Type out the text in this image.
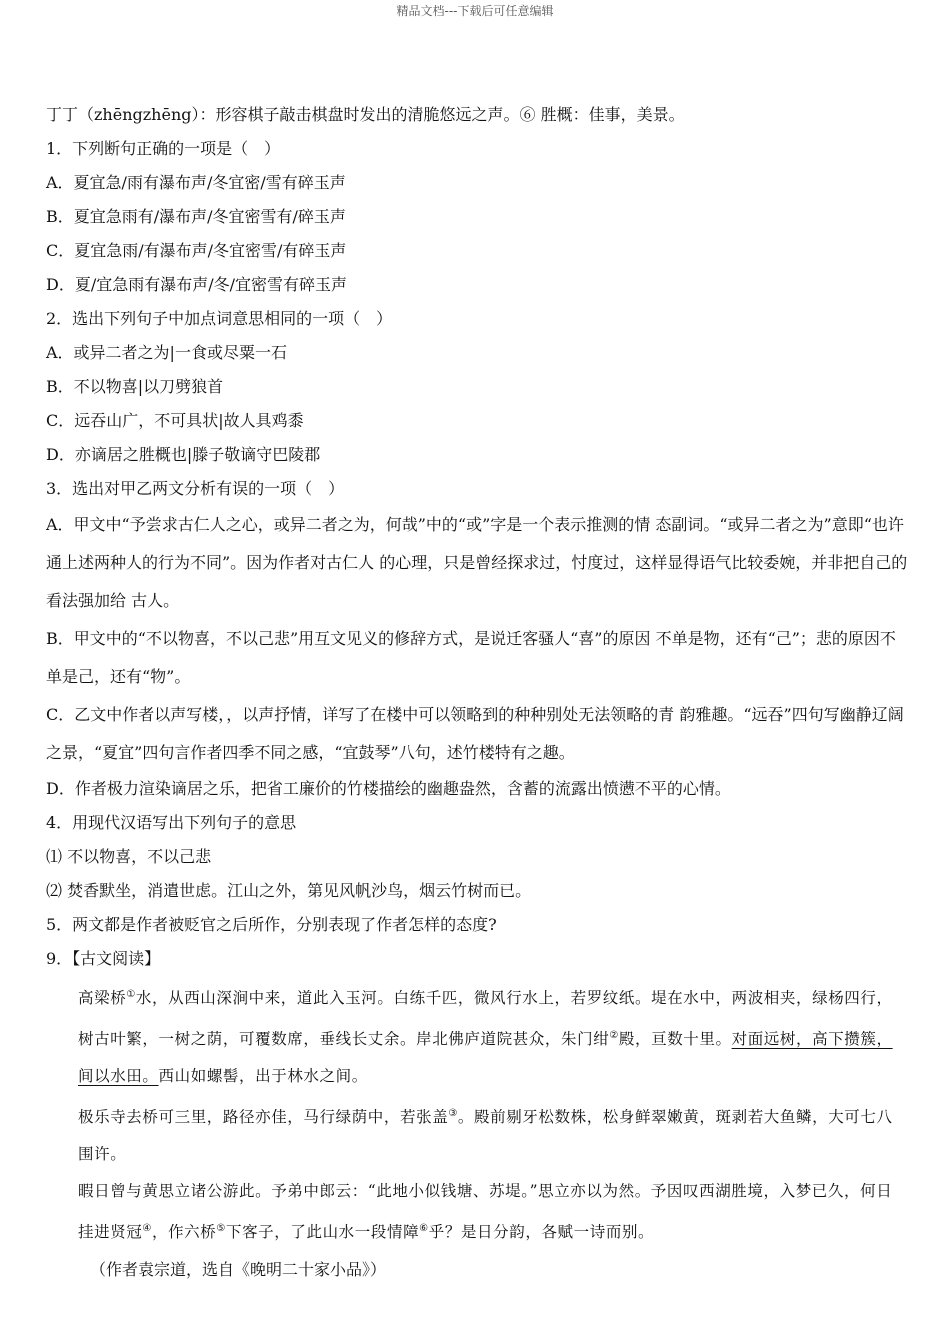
精品文档---下载后可任意编辑
丁丁（zhēngzhēng）：形容棋子敲击棋盘时发出的清脆悠远之声。⑥ 胜概：佳事，美景。
1．下列断句正确的一项是（　）
A．夏宜急/雨有瀑布声/冬宜密/雪有碎玉声
B．夏宜急雨有/瀑布声/冬宜密雪有/碎玉声
C．夏宜急雨/有瀑布声/冬宜密雪/有碎玉声
D．夏/宜急雨有瀑布声/冬/宜密雪有碎玉声
2．选出下列句子中加点词意思相同的一项（　）
A．或异二者之为|一食或尽粟一石
B．不以物喜|以刀劈狼首
C．远吞山广，不可具状|故人具鸡黍
D．亦谪居之胜概也|滕子敬谪守巴陵郡
3．选出对甲乙两文分析有误的一项（　）
A．甲文中“予尝求古仁人之心，或异二者之为，何哉”中的“或”字是一个表示推测的情 态副词。“或异二者之为”意即“也许通上述两种人的行为不同”。因为作者对古仁人 的心理，只是曾经探求过，忖度过，这样显得语气比较委婉，并非把自己的看法强加给 古人。
B．甲文中的“不以物喜，不以己悲”用互文见义的修辞方式，是说迁客骚人“喜”的原因 不单是物，还有“己”；悲的原因不单是己，还有“物”。
C．乙文中作者以声写楼，，以声抒情，详写了在楼中可以领略到的种种别处无法领略的青 韵雅趣。“远吞”四句写幽静辽阔之景，“夏宜”四句言作者四季不同之感，“宜鼓琴”八句，述竹楼特有之趣。
D．作者极力渲染谪居之乐，把省工廉价的竹楼描绘的幽趣盎然，含蓄的流露出愤懑不平的心情。
4．用现代汉语写出下列句子的意思
⑴ 不以物喜，不以己悲
⑵ 焚香默坐，消遣世虑。江山之外，第见风帆沙鸟，烟云竹树而已。
5．两文都是作者被贬官之后所作，分别表现了作者怎样的态度?
9．【古文阅读】
高梁桥①水，从西山深涧中来，道此入玉河。白练千匹，微风行水上，若罗纹纸。堤在水中，两波相夹，绿杨四行，树古叶繁，一树之荫，可覆数席，垂线长丈余。岸北佛庐道院甚众，朱门绀②殿，亘数十里。对面远树，高下攒簇，间以水田。西山如螺髻，出于林水之间。
极乐寺去桥可三里，路径亦佳，马行绿荫中，若张盖③。殿前剔牙松数株，松身鲜翠嫩黄，斑剥若大鱼鳞，大可七八围许。
暇日曾与黄思立诸公游此。予弟中郎云：“此地小似钱塘、苏堤。”思立亦以为然。予因叹西湖胜境，入梦已久，何日挂进贤冠④，作六桥⑤下客子，了此山水一段情障⑥乎？是日分韵，各赋一诗而别。
（作者袁宗道，选自《晚明二十家小品》）
